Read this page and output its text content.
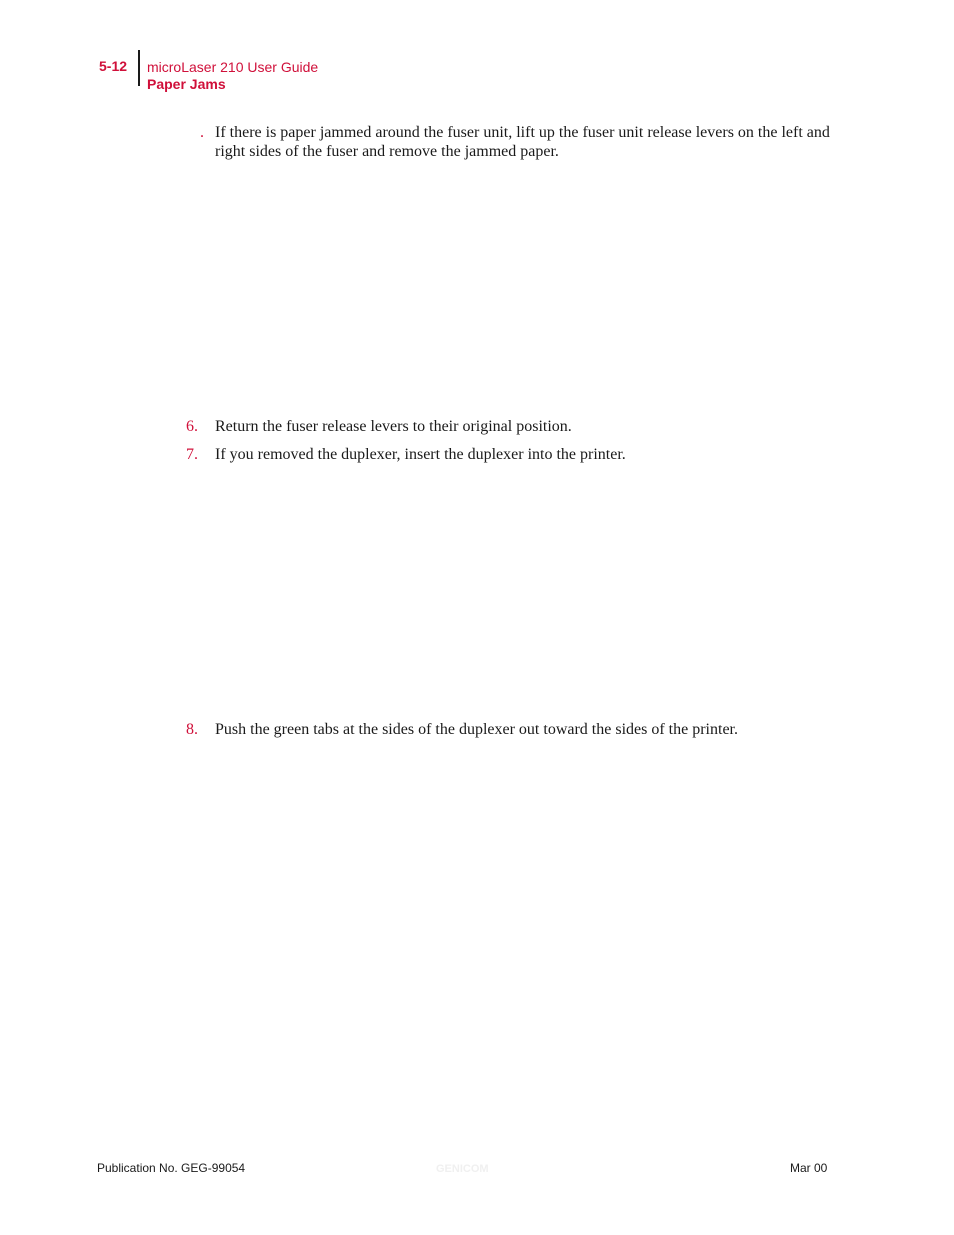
5-12 microLaser 210 User Guide
Paper Jams
. If there is paper jammed around the fuser unit, lift up the fuser unit release levers on the left and right sides of the fuser and remove the jammed paper.
6.	Return the fuser release levers to their original position.
7.	If you removed the duplexer, insert the duplexer into the printer.
8.	Push the green tabs at the sides of the duplexer out toward the sides of the printer.
Publication No. GEG-99054	GENICOM	Mar 00
